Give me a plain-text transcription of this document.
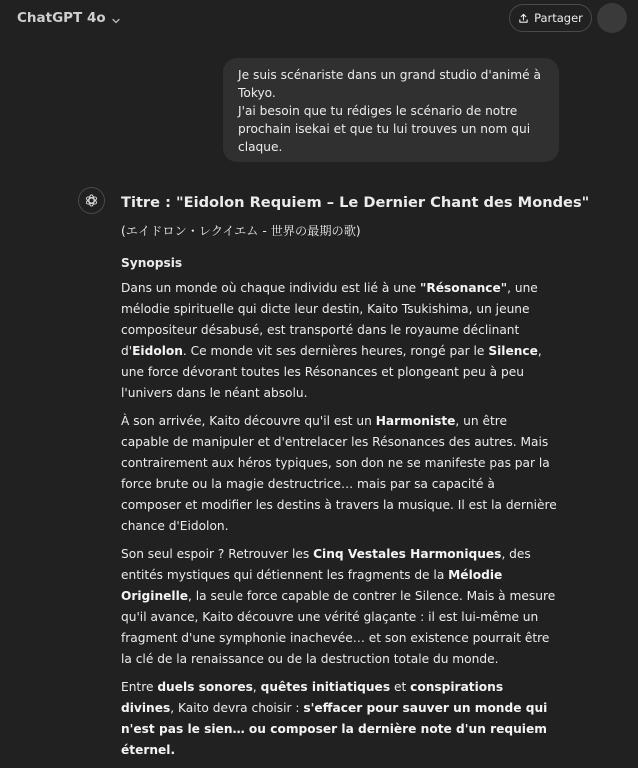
ChatGPT 4o	Partager

Je suis scénariste dans un grand studio d'animé à Tokyo.

J'ai besoin que tu rédiges le scénario de notre prochain isekai et que tu lui trouves un nom qui claque.

Titre : "Eidolon Requiem – Le Dernier Chant des Mondes"
(エイドロン・レクイエム - 世界の最期の歌)
Synopsis

Dans un monde où chaque individu est lié à une "Résonance", une mélodie spirituelle qui dicte leur destin, Kaito Tsukishima, un jeune compositeur désabusé, est transporté dans le royaume déclinant d'Eidolon. Ce monde vit ses dernières heures, rongé par le Silence, une force dévorant toutes les Résonances et plongeant peu à peu l'univers dans le néant absolu.

À son arrivée, Kaito découvre qu'il est un Harmoniste, un être capable de manipuler et d'entrelacer les Résonances des autres. Mais contrairement aux héros typiques, son don ne se manifeste pas par la force brute ou la magie destructrice… mais par sa capacité à composer et modifier les destins à travers la musique. Il est la dernière chance d'Eidolon.

Son seul espoir ? Retrouver les Cinq Vestales Harmoniques, des entités mystiques qui détiennent les fragments de la Mélodie Originelle, la seule force capable de contrer le Silence. Mais à mesure qu'il avance, Kaito découvre une vérité glaçante : il est lui-même un fragment d'une symphonie inachevée… et son existence pourrait être la clé de la renaissance ou de la destruction totale du monde.

Entre duels sonores, quêtes initiatiques et conspirations divines, Kaito devra choisir : s'effacer pour sauver un monde qui n'est pas le sien… ou composer la dernière note d'un requiem éternel.
